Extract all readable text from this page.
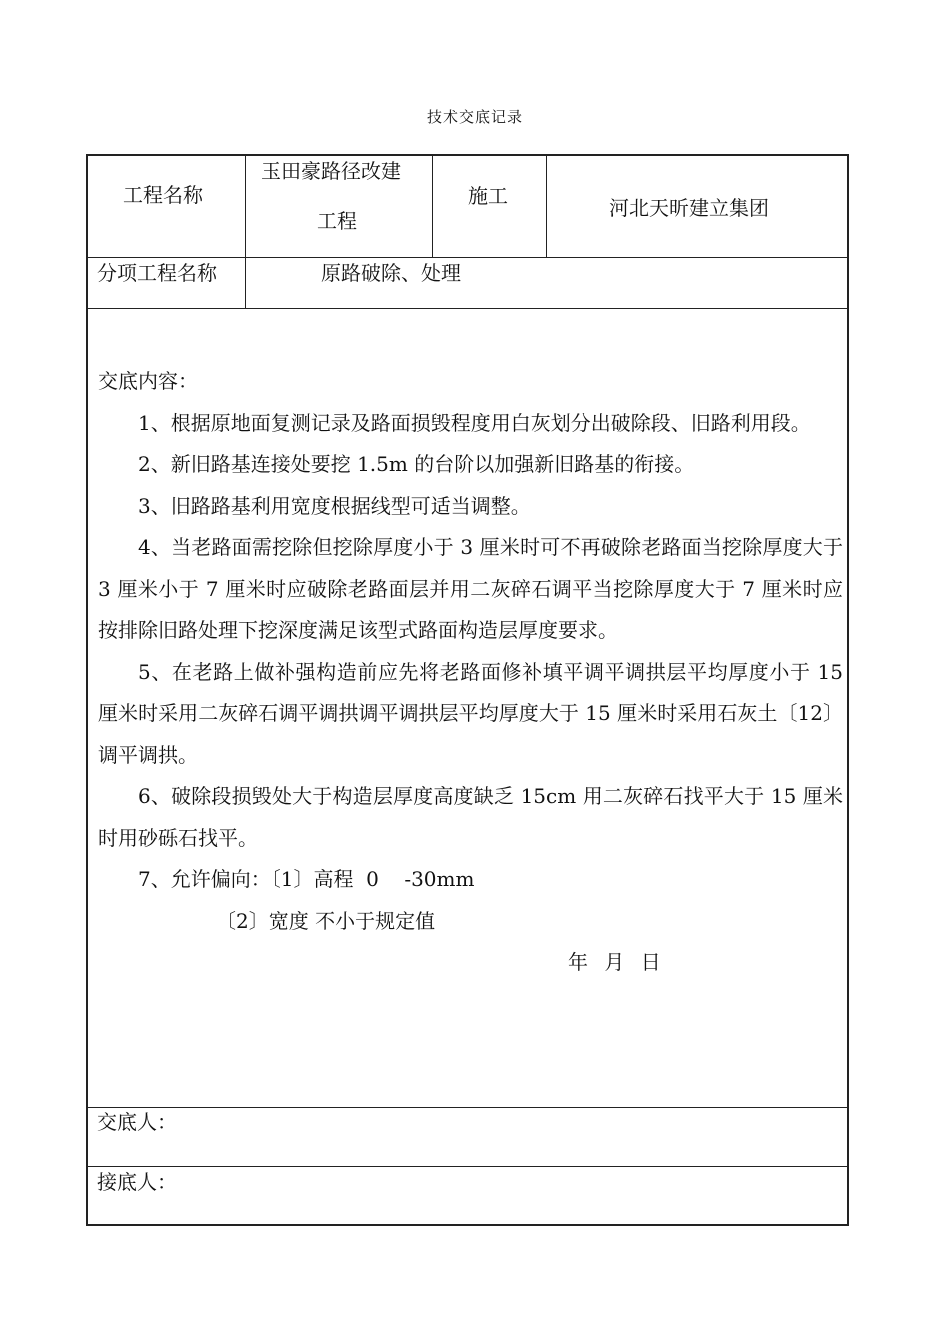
技术交底记录
工程名称
玉田豪路径改建
工程
施工	河北天昕建立集团
分项工程名称	原路破除、处理

交底内容：

1、根据原地面复测记录及路面损毁程度用白灰划分出破除段、旧路利用段。

2、新旧路基连接处要挖 1.5m 的台阶以加强新旧路基的衔接。

3、旧路路基利用宽度根据线型可适当调整。

4、当老路面需挖除但挖除厚度小于 3 厘米时可不再破除老路面当挖除厚度大于 3 厘米小于 7 厘米时应破除老路面层并用二灰碎石调平当挖除厚度大于 7 厘米时应按排除旧路处理下挖深度满足该型式路面构造层厚度要求。

5、在老路上做补强构造前应先将老路面修补填平调平调拱层平均厚度小于 15 厘米时采用二灰碎石调平调拱调平调拱层平均厚度大于 15 厘米时采用石灰土〔12〕调平调拱。

6、破除段损毁处大于构造层厚度高度缺乏 15cm 用二灰碎石找平大于 15 厘米时用砂砾石找平。

7、允许偏向：〔1〕高程  0    -30mm

〔2〕宽度 不小于规定值

年 月 日

交底人：
接底人：
